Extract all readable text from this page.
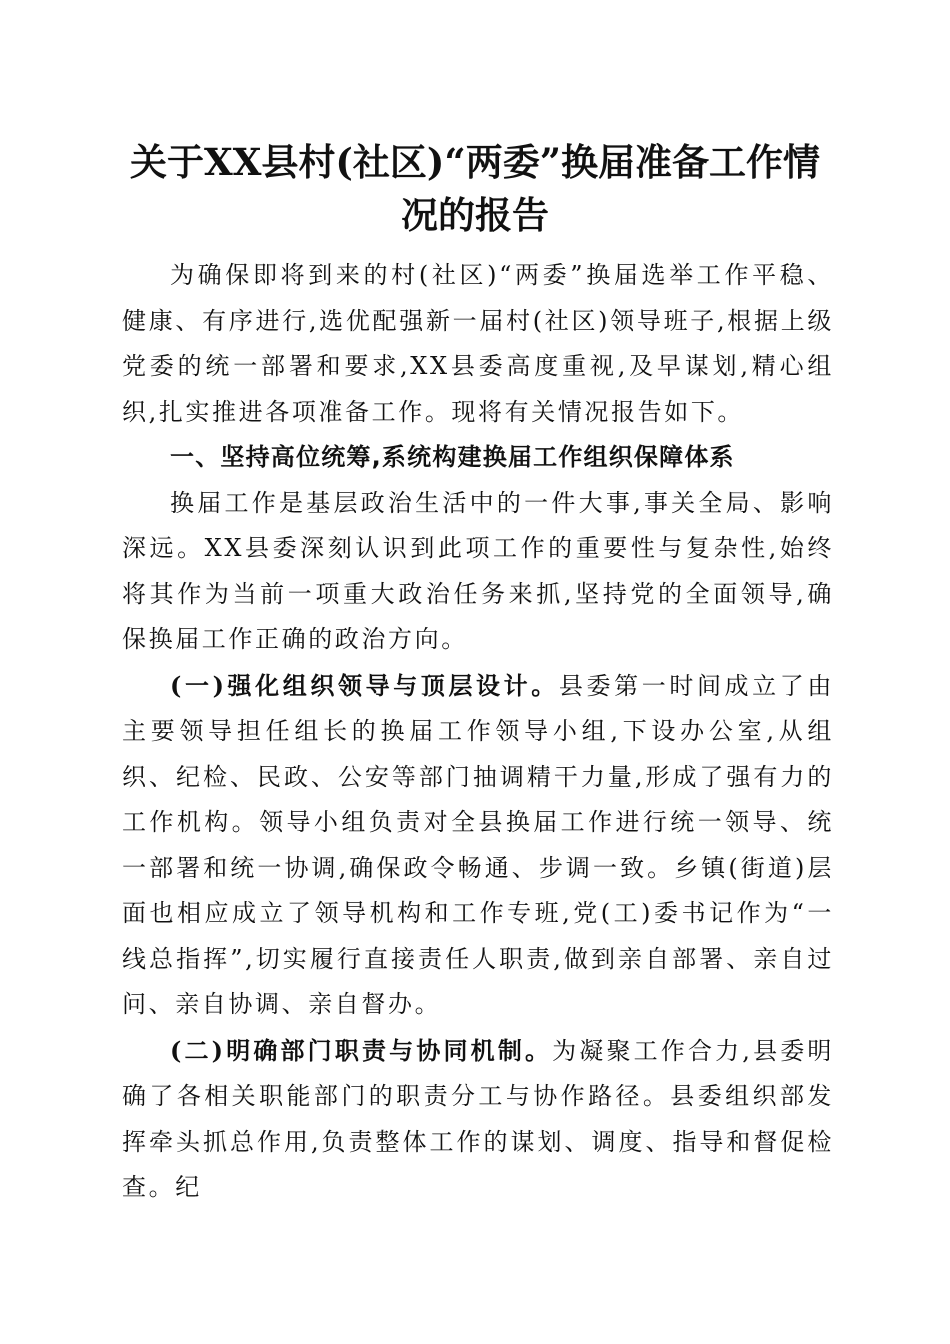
关于XX县村(社区)“两委”换届准备工作情
况的报告

为确保即将到来的村(社区)“两委”换届选举工作平稳、健康、有序进行,选优配强新一届村(社区)领导班子,根据上级党委的统一部署和要求,XX县委高度重视,及早谋划,精心组织,扎实推进各项准备工作。现将有关情况报告如下。

一、坚持高位统筹,系统构建换届工作组织保障体系

换届工作是基层政治生活中的一件大事,事关全局、影响深远。XX县委深刻认识到此项工作的重要性与复杂性,始终将其作为当前一项重大政治任务来抓,坚持党的全面领导,确保换届工作正确的政治方向。

(一)强化组织领导与顶层设计。县委第一时间成立了由主要领导担任组长的换届工作领导小组,下设办公室,从组织、纪检、民政、公安等部门抽调精干力量,形成了强有力的工作机构。领导小组负责对全县换届工作进行统一领导、统一部署和统一协调,确保政令畅通、步调一致。乡镇(街道)层面也相应成立了领导机构和工作专班,党(工)委书记作为“一线总指挥”,切实履行直接责任人职责,做到亲自部署、亲自过问、亲自协调、亲自督办。

(二)明确部门职责与协同机制。为凝聚工作合力,县委明确了各相关职能部门的职责分工与协作路径。县委组织部发挥牵头抓总作用,负责整体工作的谋划、调度、指导和督促检查。纪
